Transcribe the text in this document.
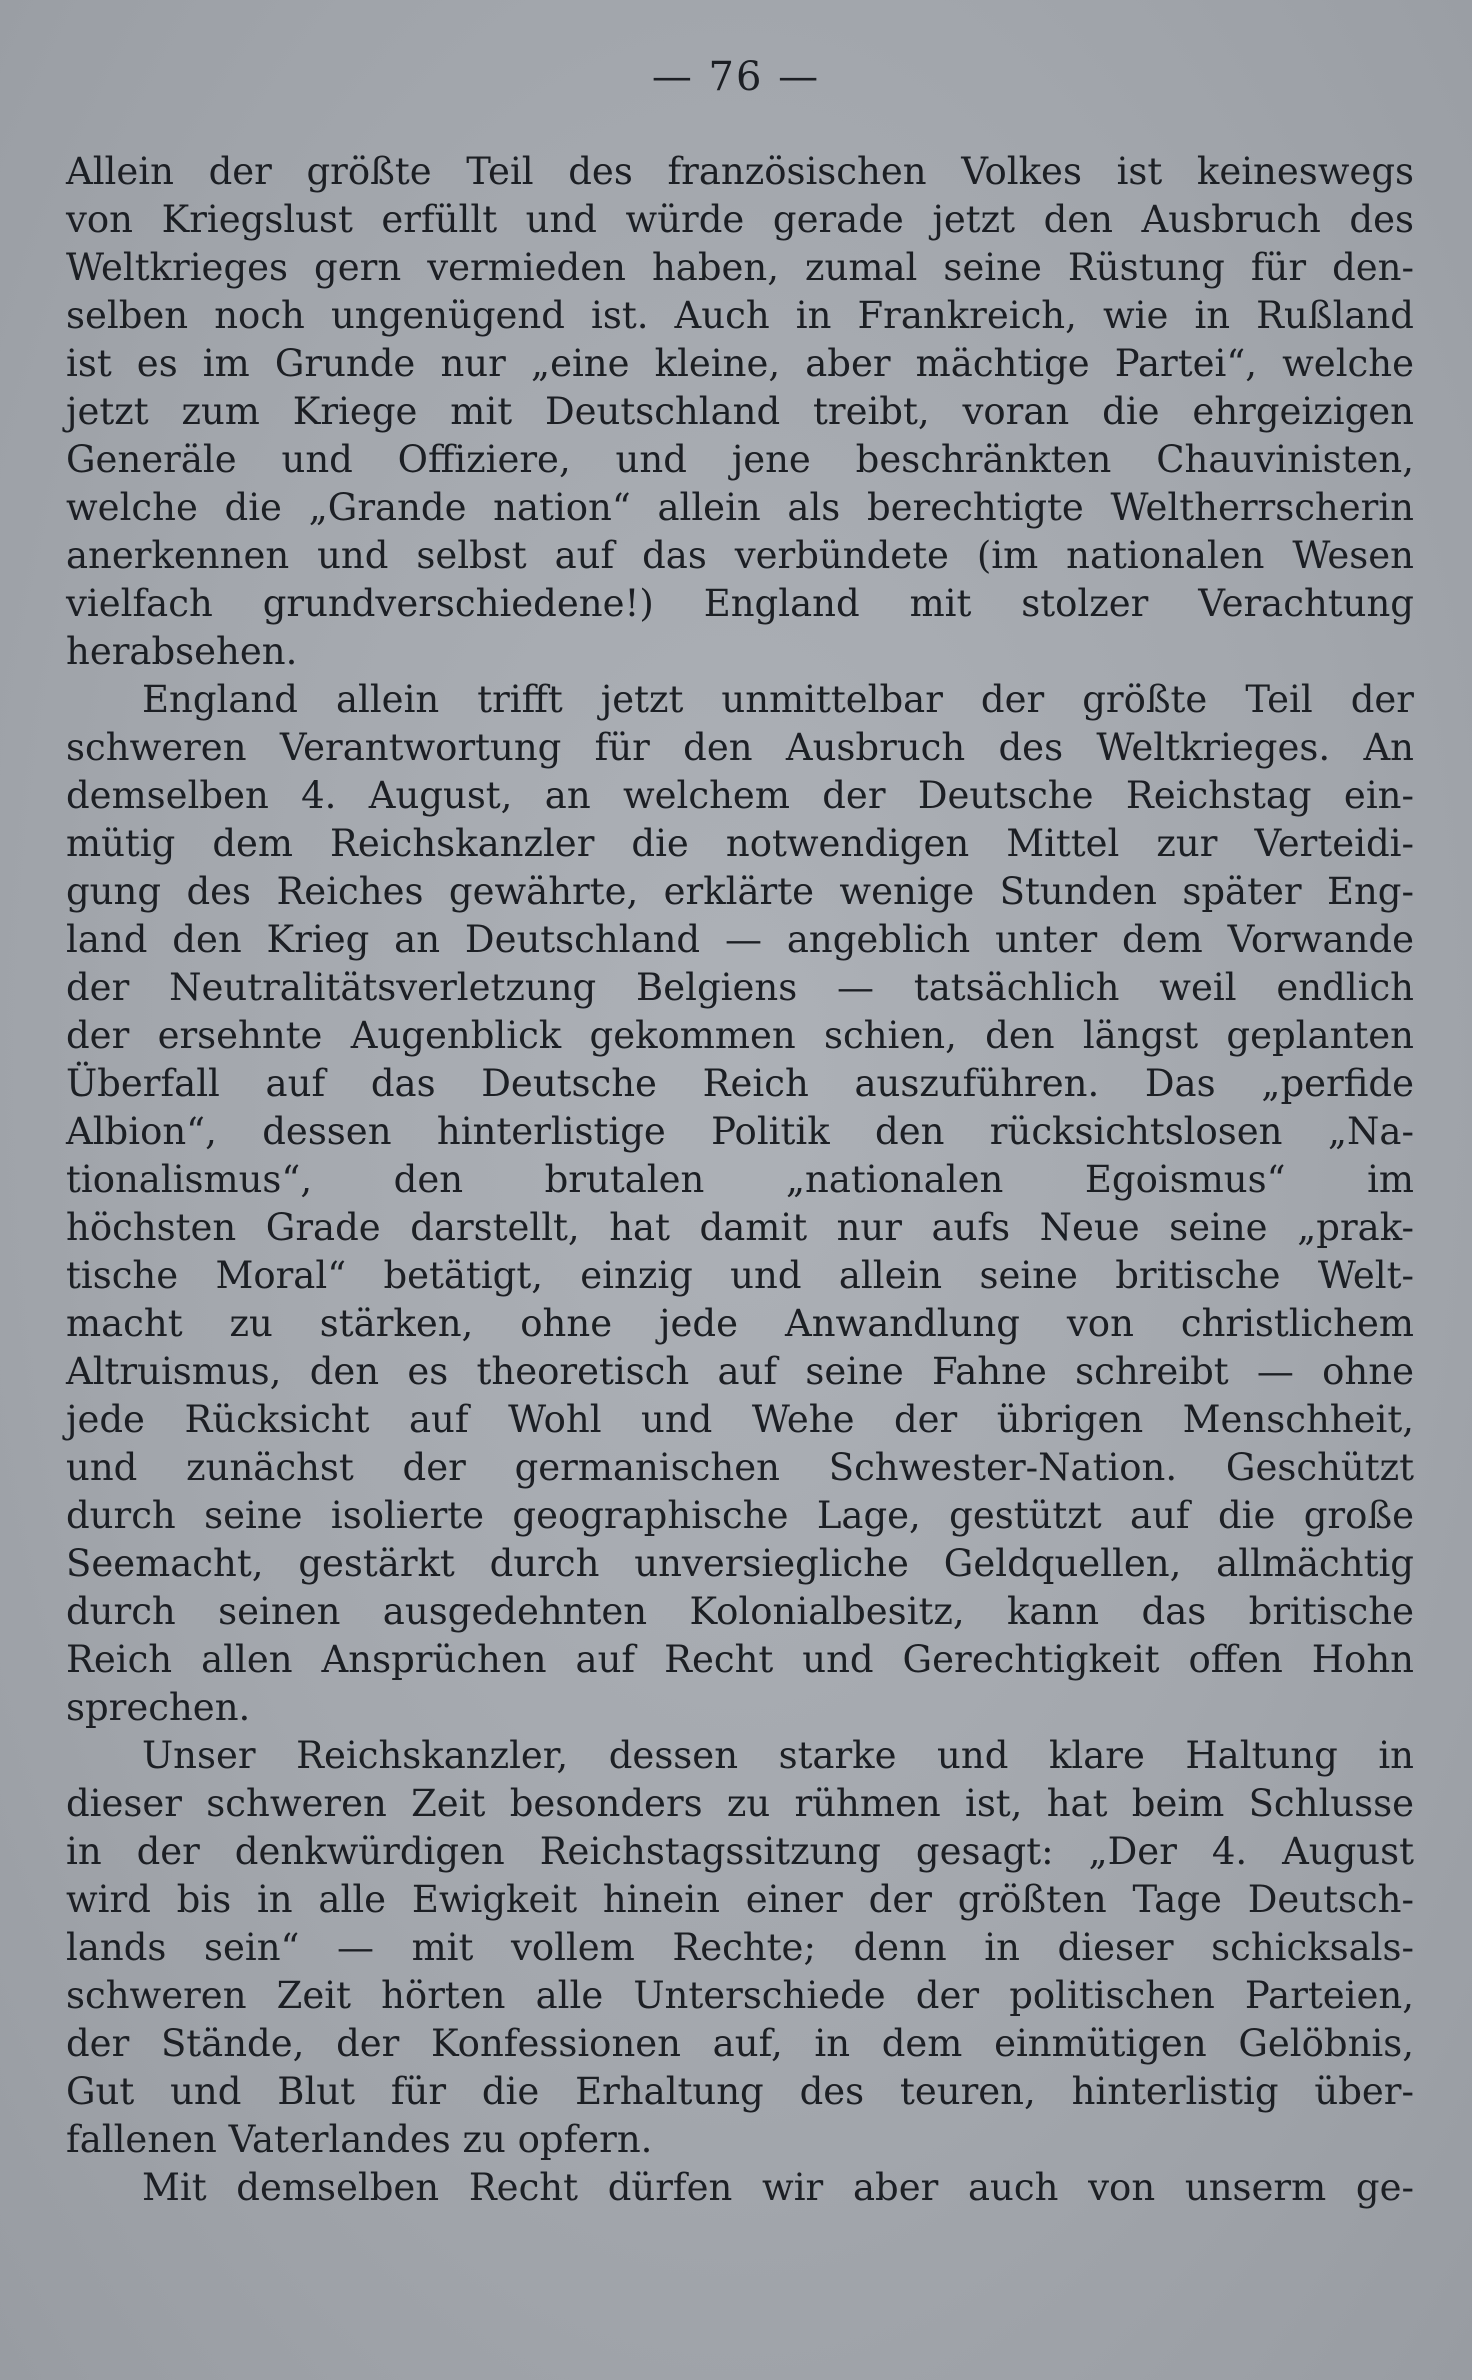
— 76 —
Allein der größte Teil des französischen Volkes ist keineswegs
von Kriegslust erfüllt und würde gerade jetzt den Ausbruch des
Weltkrieges gern vermieden haben, zumal seine Rüstung für den-
selben noch ungenügend ist. Auch in Frankreich, wie in Rußland
ist es im Grunde nur „eine kleine, aber mächtige Partei“, welche
jetzt zum Kriege mit Deutschland treibt, voran die ehrgeizigen
Generäle und Offiziere, und jene beschränkten Chauvinisten,
welche die „Grande nation“ allein als berechtigte Weltherrscherin
anerkennen und selbst auf das verbündete (im nationalen Wesen
vielfach grundverschiedene!) England mit stolzer Verachtung
herabsehen.
England allein trifft jetzt unmittelbar der größte Teil der
schweren Verantwortung für den Ausbruch des Weltkrieges. An
demselben 4. August, an welchem der Deutsche Reichstag ein-
mütig dem Reichskanzler die notwendigen Mittel zur Verteidi-
gung des Reiches gewährte, erklärte wenige Stunden später Eng-
land den Krieg an Deutschland — angeblich unter dem Vorwande
der Neutralitätsverletzung Belgiens — tatsächlich weil endlich
der ersehnte Augenblick gekommen schien, den längst geplanten
Überfall auf das Deutsche Reich auszuführen. Das „perfide
Albion“, dessen hinterlistige Politik den rücksichtslosen „Na-
tionalismus“, den brutalen „nationalen Egoismus“ im
höchsten Grade darstellt, hat damit nur aufs Neue seine „prak-
tische Moral“ betätigt, einzig und allein seine britische Welt-
macht zu stärken, ohne jede Anwandlung von christlichem
Altruismus, den es theoretisch auf seine Fahne schreibt — ohne
jede Rücksicht auf Wohl und Wehe der übrigen Menschheit,
und zunächst der germanischen Schwester-Nation. Geschützt
durch seine isolierte geographische Lage, gestützt auf die große
Seemacht, gestärkt durch unversiegliche Geldquellen, allmächtig
durch seinen ausgedehnten Kolonialbesitz, kann das britische
Reich allen Ansprüchen auf Recht und Gerechtigkeit offen Hohn
sprechen.
Unser Reichskanzler, dessen starke und klare Haltung in
dieser schweren Zeit besonders zu rühmen ist, hat beim Schlusse
in der denkwürdigen Reichstagssitzung gesagt: „Der 4. August
wird bis in alle Ewigkeit hinein einer der größten Tage Deutsch-
lands sein“ — mit vollem Rechte; denn in dieser schicksals-
schweren Zeit hörten alle Unterschiede der politischen Parteien,
der Stände, der Konfessionen auf, in dem einmütigen Gelöbnis,
Gut und Blut für die Erhaltung des teuren, hinterlistig über-
fallenen Vaterlandes zu opfern.
Mit demselben Recht dürfen wir aber auch von unserm ge-
